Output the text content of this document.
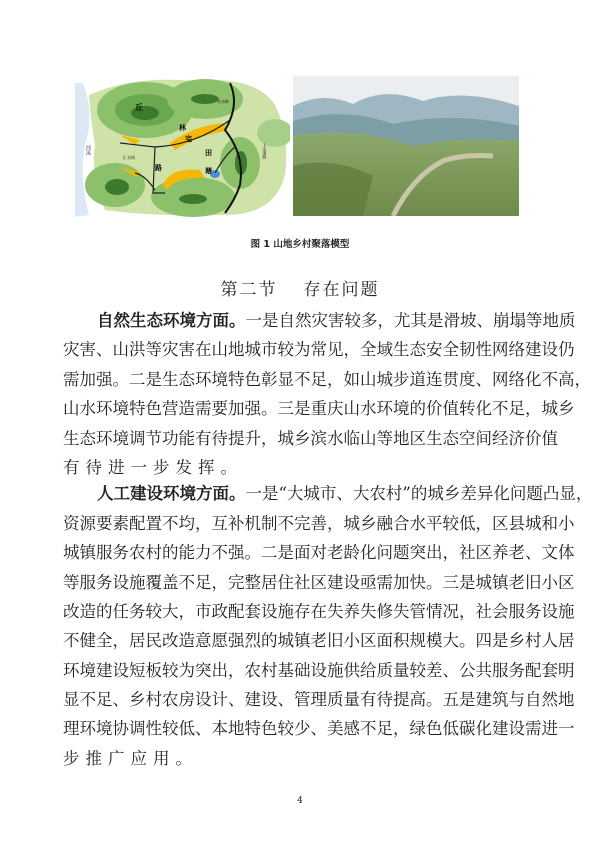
丘
林
宅
田
路	塘
河流
分水岭
汇水线	上山道路
图 1 山地乡村聚落模型
第二节 存在问题
自然生态环境方面。一是自然灾害较多，尤其是滑坡、崩塌等地质
灾害、山洪等灾害在山地城市较为常见，全域生态安全韧性网络建设仍
需加强。二是生态环境特色彰显不足，如山城步道连贯度、网络化不高，
山水环境特色营造需要加强。三是重庆山水环境的价值转化不足，城乡
生态环境调节功能有待提升，城乡滨水临山等地区生态空间经济价值
有待进一步发挥。
人工建设环境方面。一是“大城市、大农村”的城乡差异化问题凸显，
资源要素配置不均，互补机制不完善，城乡融合水平较低，区县城和小
城镇服务农村的能力不强。二是面对老龄化问题突出，社区养老、文体
等服务设施覆盖不足，完整居住社区建设亟需加快。三是城镇老旧小区
改造的任务较大，市政配套设施存在失养失修失管情况，社会服务设施
不健全，居民改造意愿强烈的城镇老旧小区面积规模大。四是乡村人居
环境建设短板较为突出，农村基础设施供给质量较差、公共服务配套明
显不足、乡村农房设计、建设、管理质量有待提高。五是建筑与自然地
理环境协调性较低、本地特色较少、美感不足，绿色低碳化建设需进一
步推广应用。
4
